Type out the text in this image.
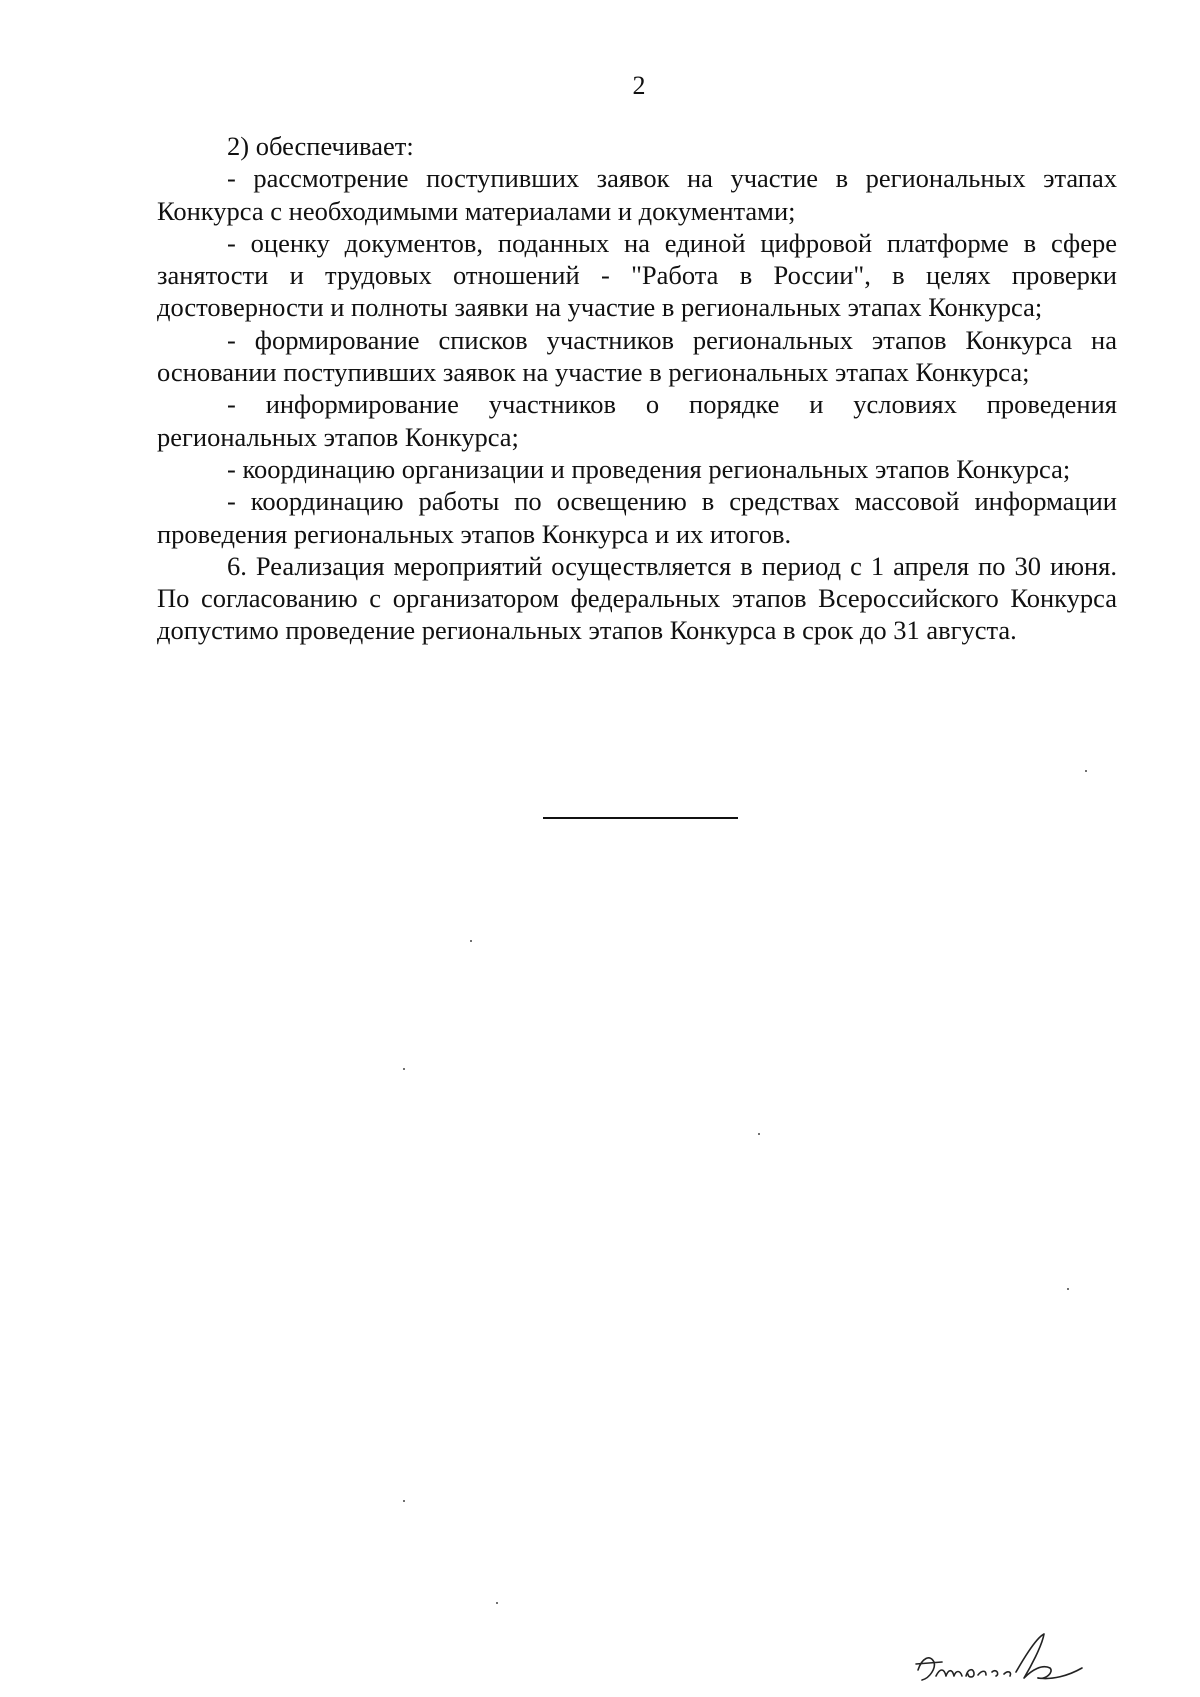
2

2) обеспечивает:

- рассмотрение поступивших заявок на участие в региональных этапах Конкурса с необходимыми материалами и документами;

- оценку документов, поданных на единой цифровой платформе в сфере занятости и трудовых отношений - "Работа в России", в целях проверки достоверности и полноты заявки на участие в региональных этапах Конкурса;

- формирование списков участников региональных этапов Конкурса на основании поступивших заявок на участие в региональных этапах Конкурса;

- информирование участников о порядке и условиях проведения региональных этапов Конкурса;

- координацию организации и проведения региональных этапов Конкурса;

- координацию работы по освещению в средствах массовой информации проведения региональных этапов Конкурса и их итогов.

6. Реализация мероприятий осуществляется в период с 1 апреля по 30 июня. По согласованию с организатором федеральных этапов Всероссийского Конкурса допустимо проведение региональных этапов Конкурса в срок до 31 августа.
